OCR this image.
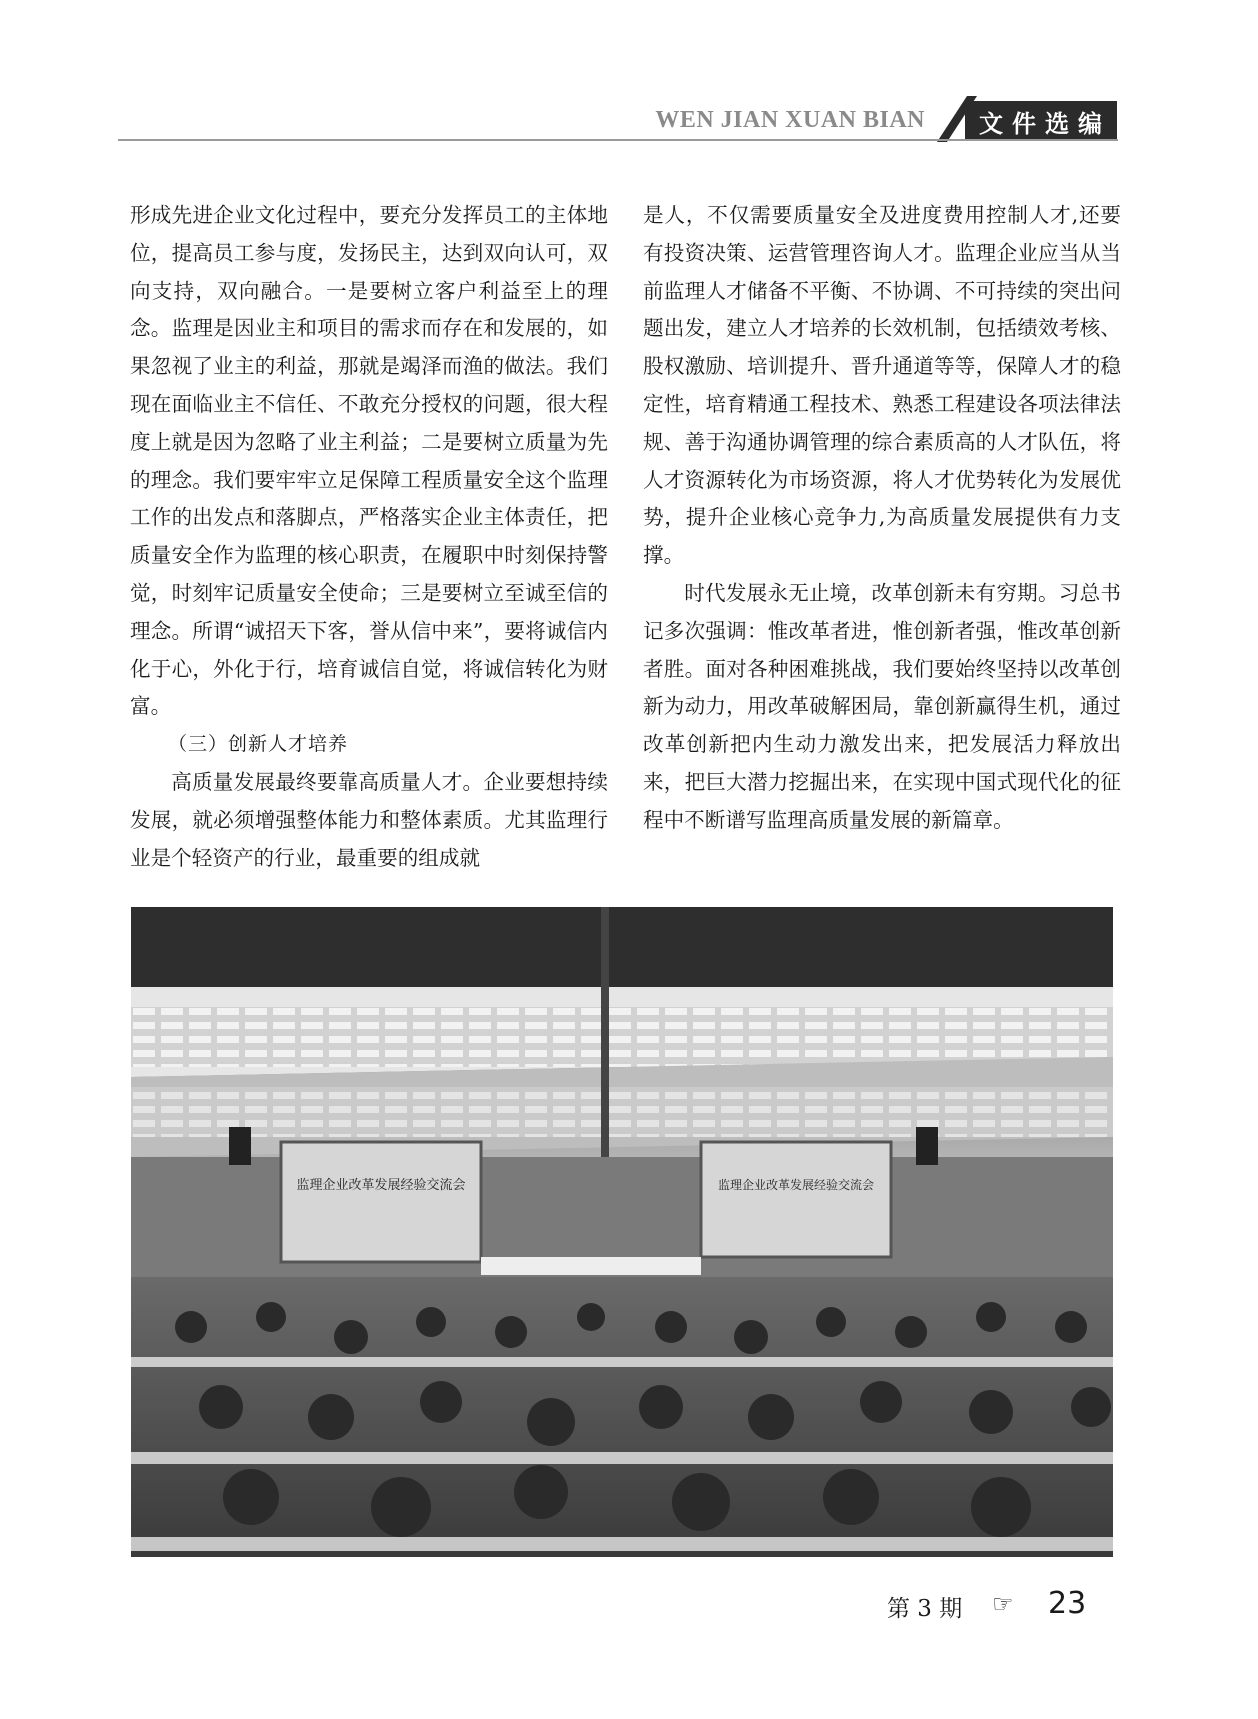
WEN JIAN XUAN BIAN	文件选编

形成先进企业文化过程中，要充分发挥员工的主体地位，提高员工参与度，发扬民主，达到双向认可，双向支持，双向融合。一是要树立客户利益至上的理念。监理是因业主和项目的需求而存在和发展的，如果忽视了业主的利益，那就是竭泽而渔的做法。我们现在面临业主不信任、不敢充分授权的问题，很大程度上就是因为忽略了业主利益；二是要树立质量为先的理念。我们要牢牢立足保障工程质量安全这个监理工作的出发点和落脚点，严格落实企业主体责任，把质量安全作为监理的核心职责，在履职中时刻保持警觉，时刻牢记质量安全使命；三是要树立至诚至信的理念。所谓“诚招天下客，誉从信中来”，要将诚信内化于心，外化于行，培育诚信自觉，将诚信转化为财富。

（三）创新人才培养

高质量发展最终要靠高质量人才。企业要想持续发展，就必须增强整体能力和整体素质。尤其监理行业是个轻资产的行业，最重要的组成就

是人，不仅需要质量安全及进度费用控制人才,还要有投资决策、运营管理咨询人才。监理企业应当从当前监理人才储备不平衡、不协调、不可持续的突出问题出发，建立人才培养的长效机制，包括绩效考核、股权激励、培训提升、晋升通道等等，保障人才的稳定性，培育精通工程技术、熟悉工程建设各项法律法规、善于沟通协调管理的综合素质高的人才队伍，将人才资源转化为市场资源，将人才优势转化为发展优势，提升企业核心竞争力,为高质量发展提供有力支撑。

时代发展永无止境，改革创新未有穷期。习总书记多次强调：惟改革者进，惟创新者强，惟改革创新者胜。面对各种困难挑战，我们要始终坚持以改革创新为动力，用改革破解困局，靠创新赢得生机，通过改革创新把内生动力激发出来，把发展活力释放出来，把巨大潜力挖掘出来，在实现中国式现代化的征程中不断谱写监理高质量发展的新篇章。

监理企业改革发展经验交流会	监理企业改革发展经验交流会
第 3 期 ☞ 23
